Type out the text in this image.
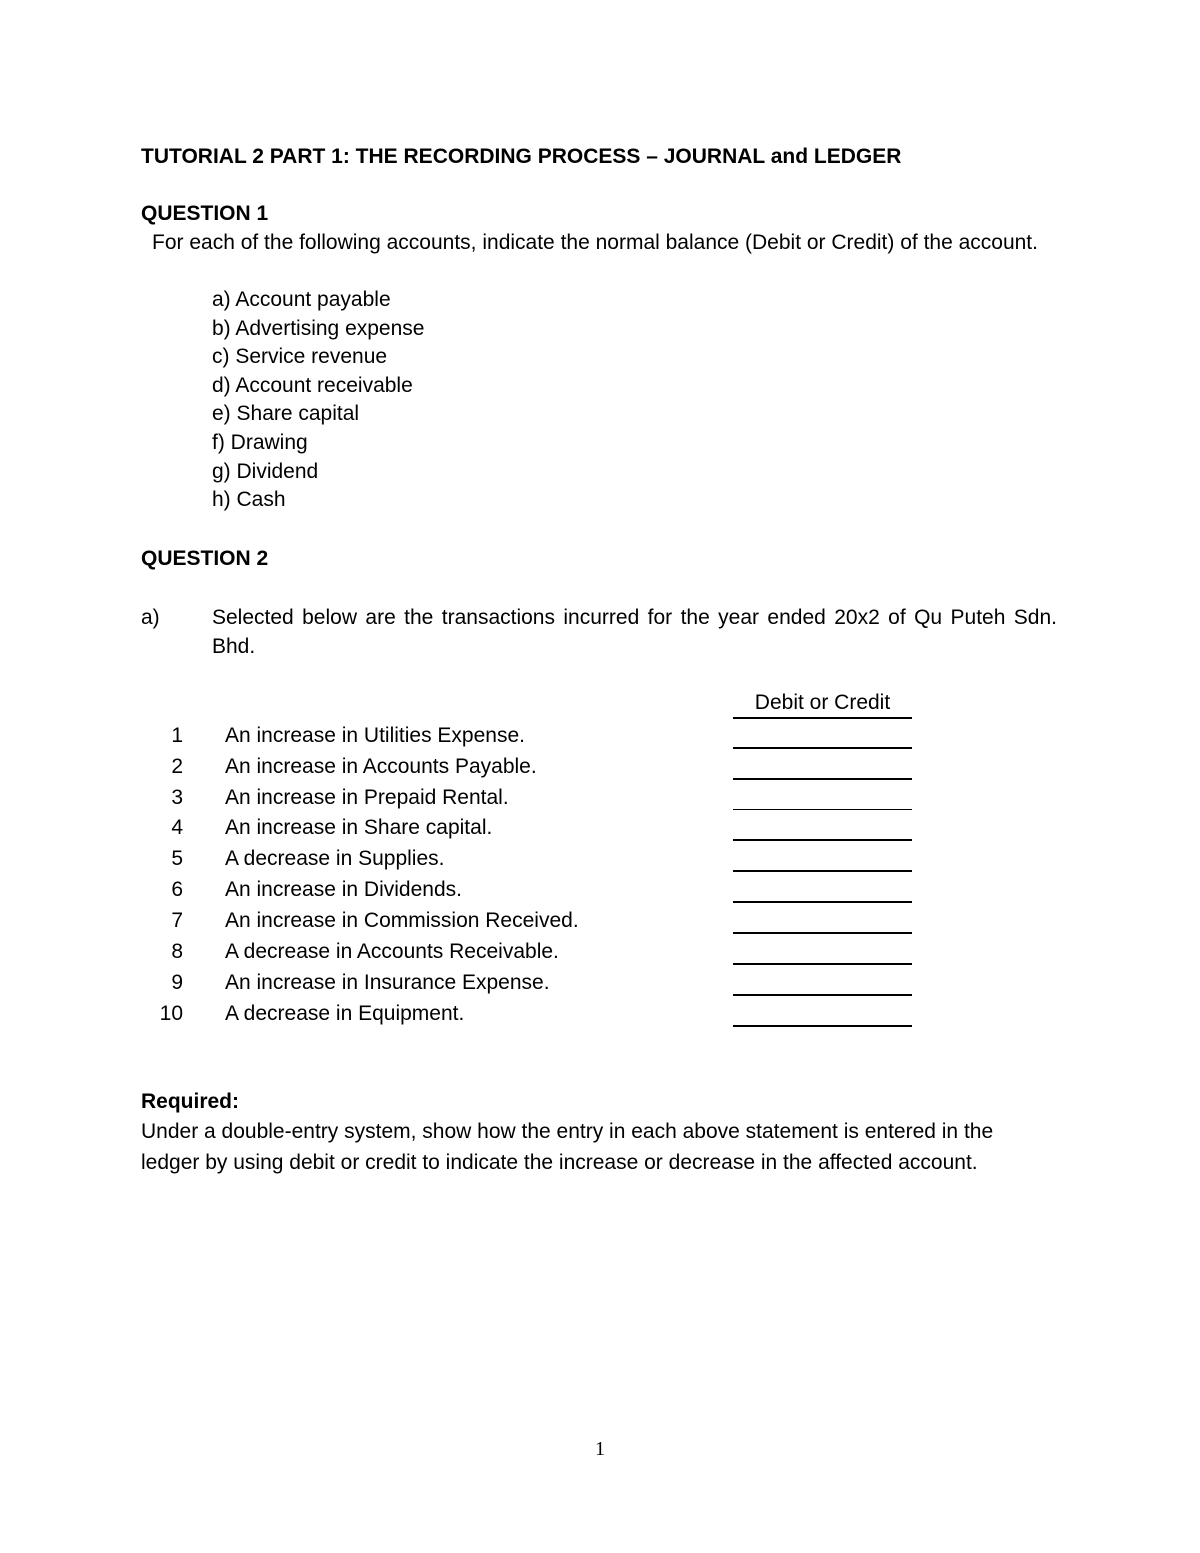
TUTORIAL 2 PART 1: THE RECORDING PROCESS – JOURNAL and LEDGER
QUESTION 1
For each of the following accounts, indicate the normal balance (Debit or Credit) of the account.
a) Account payable
b) Advertising expense
c) Service revenue
d) Account receivable
e) Share capital
f) Drawing
g) Dividend
h) Cash
QUESTION 2
a) Selected below are the transactions incurred for the year ended 20x2 of Qu Puteh Sdn. Bhd.
Debit or Credit
1 An increase in Utilities Expense.
2 An increase in Accounts Payable.
3 An increase in Prepaid Rental.
4 An increase in Share capital.
5 A decrease in Supplies.
6 An increase in Dividends.
7 An increase in Commission Received.
8 A decrease in Accounts Receivable.
9 An increase in Insurance Expense.
10 A decrease in Equipment.
Required:
Under a double-entry system, show how the entry in each above statement is entered in the ledger by using debit or credit to indicate the increase or decrease in the affected account.
1
